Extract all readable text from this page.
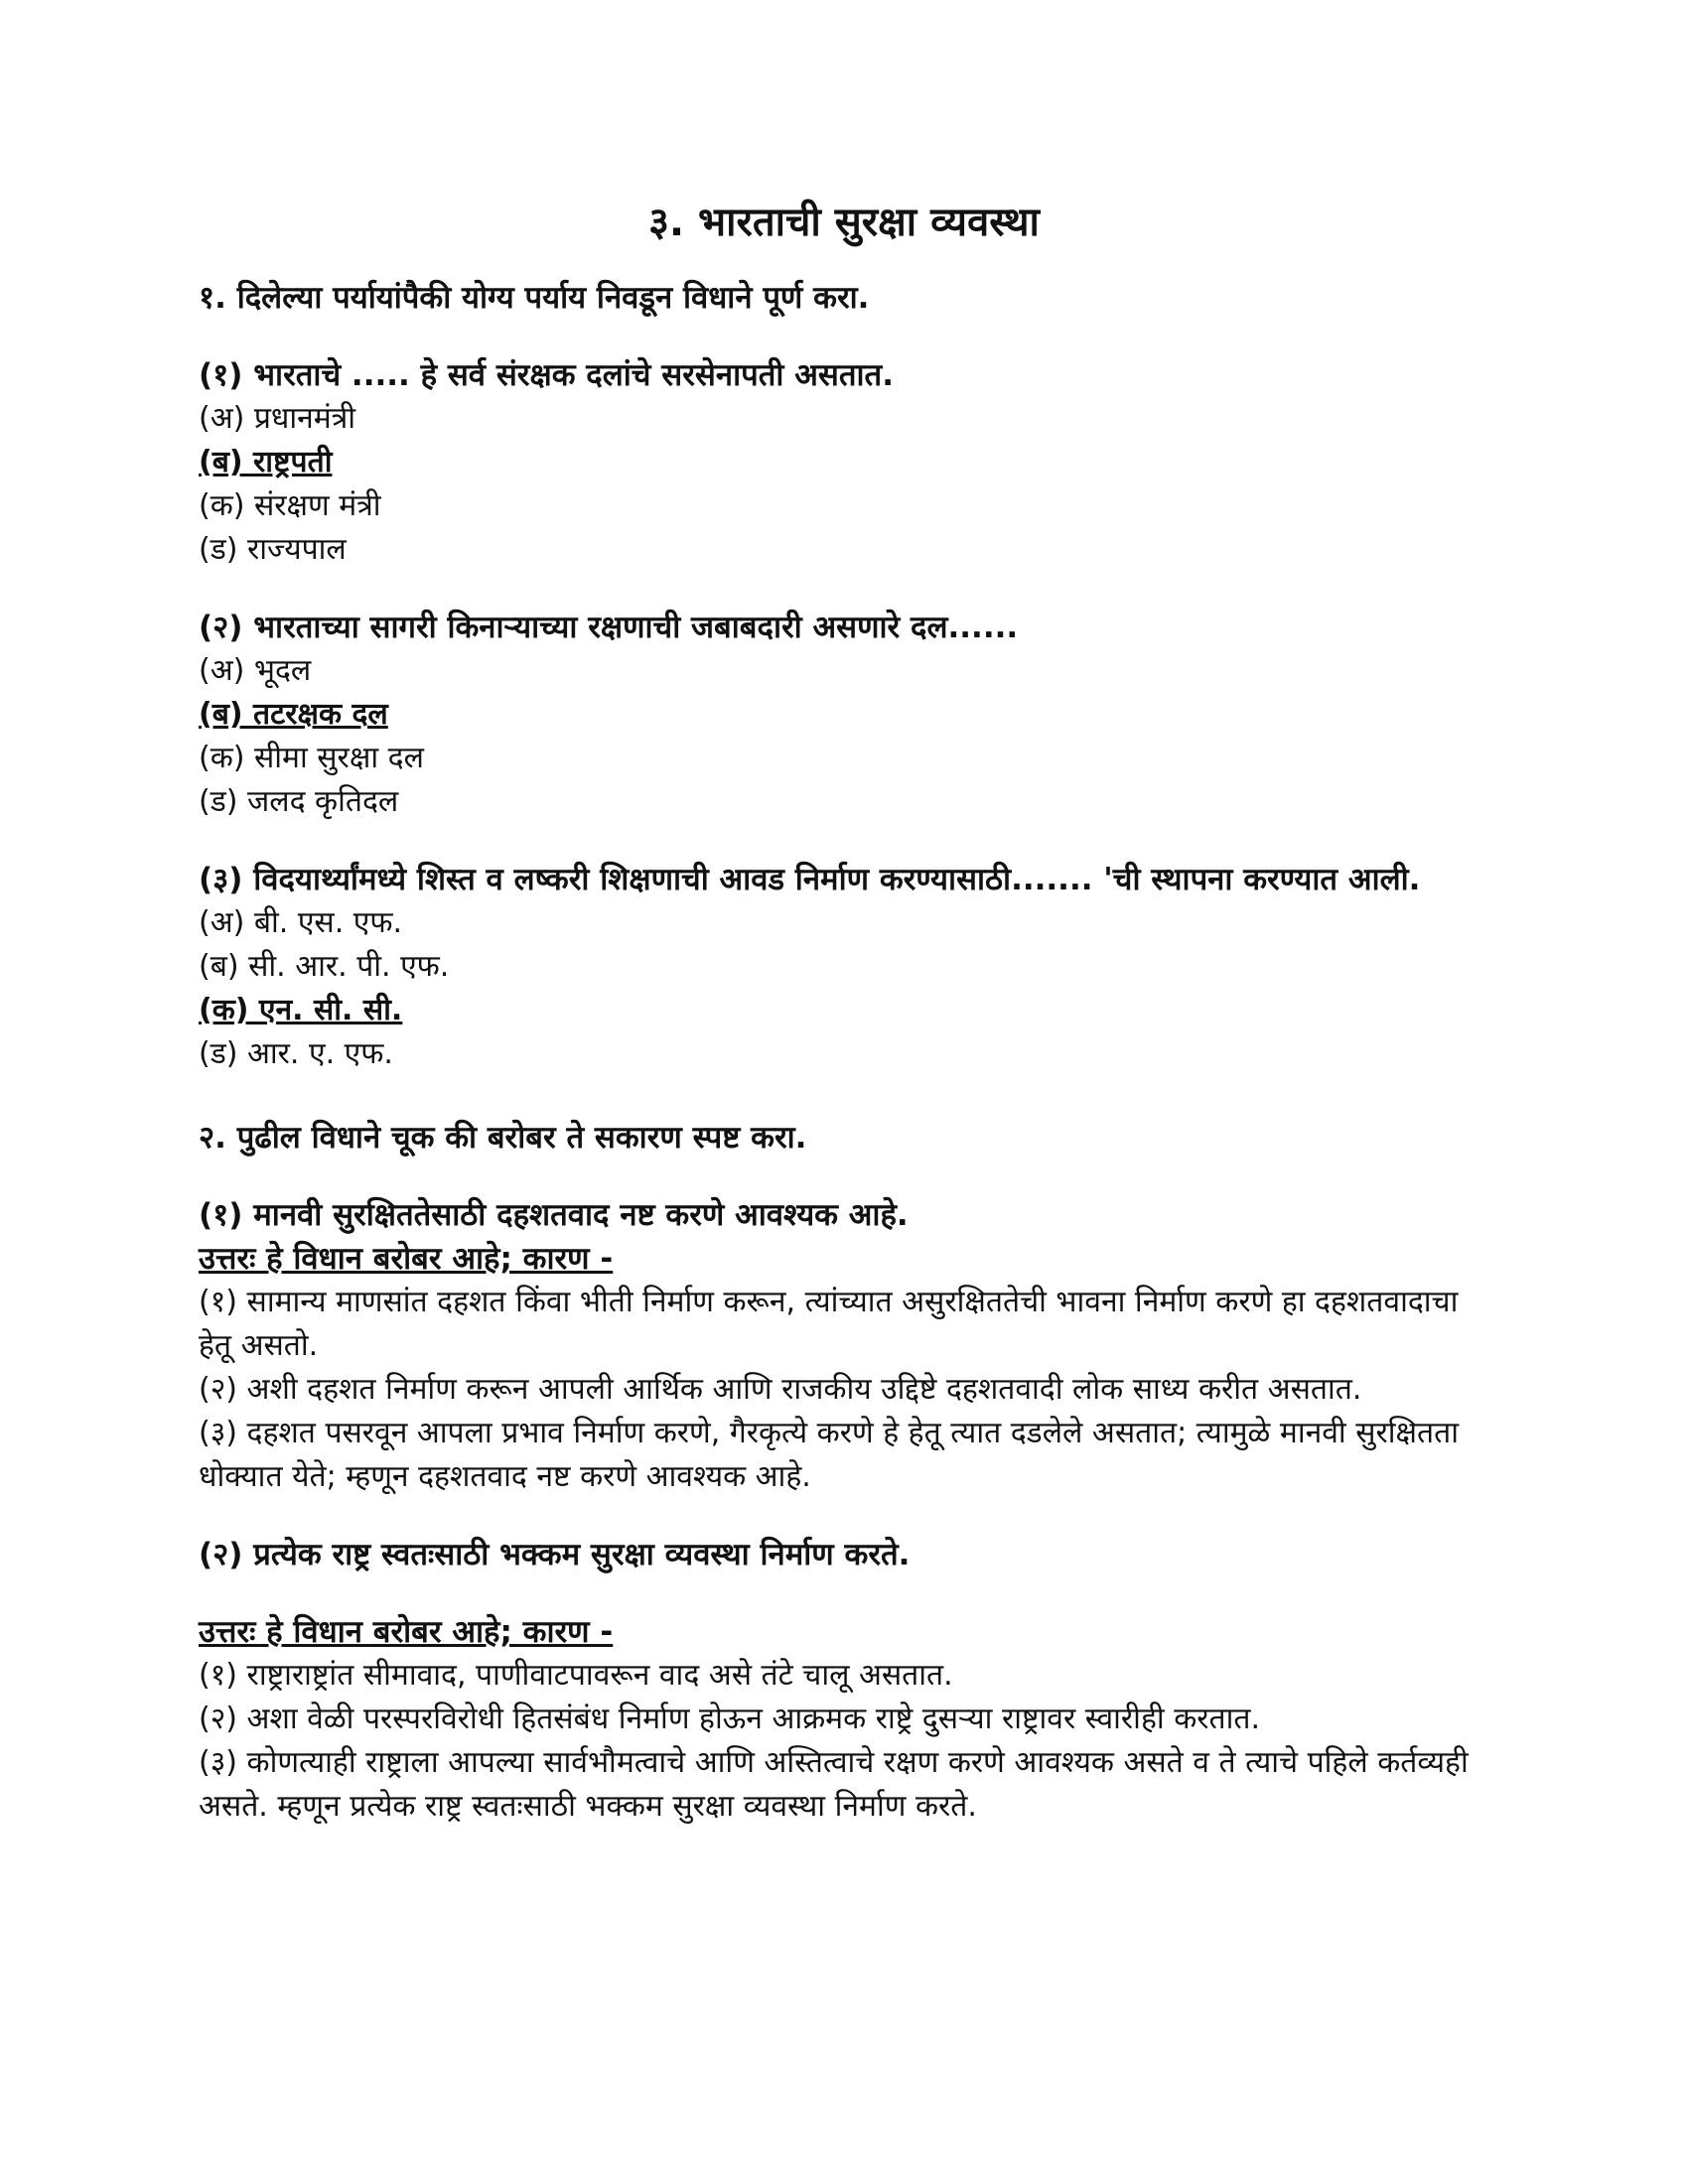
३. भारताची सुरक्षा व्यवस्था
१. दिलेल्या पर्यायांपैकी योग्य पर्याय निवडून विधाने पूर्ण करा.
(१) भारताचे ..... हे सर्व संरक्षक दलांचे सरसेनापती असतात.
(अ) प्रधानमंत्री
(ब) राष्ट्रपती
(क) संरक्षण मंत्री
(ड) राज्यपाल
(२) भारताच्या सागरी किनाऱ्याच्या रक्षणाची जबाबदारी असणारे दल......
(अ) भूदल
(ब) तटरक्षक दल
(क) सीमा सुरक्षा दल
(ड) जलद कृतिदल
(३) विदयार्थ्यांमध्ये शिस्त व लष्करी शिक्षणाची आवड निर्माण करण्यासाठी....... 'ची स्थापना करण्यात आली.
(अ) बी. एस. एफ.
(ब) सी. आर. पी. एफ.
(क) एन. सी. सी.
(ड) आर. ए. एफ.
२. पुढील विधाने चूक की बरोबर ते सकारण स्पष्ट करा.
(१) मानवी सुरक्षिततेसाठी दहशतवाद नष्ट करणे आवश्यक आहे.
उत्तरः हे विधान बरोबर आहे; कारण -
(१) सामान्य माणसांत दहशत किंवा भीती निर्माण करून, त्यांच्यात असुरक्षिततेची भावना निर्माण करणे हा दहशतवादाचा हेतू असतो.
(२) अशी दहशत निर्माण करून आपली आर्थिक आणि राजकीय उद्दिष्टे दहशतवादी लोक साध्य करीत असतात.
(३) दहशत पसरवून आपला प्रभाव निर्माण करणे, गैरकृत्ये करणे हे हेतू त्यात दडलेले असतात; त्यामुळे मानवी सुरक्षितता धोक्यात येते; म्हणून दहशतवाद नष्ट करणे आवश्यक आहे.
(२) प्रत्येक राष्ट्र स्वतःसाठी भक्कम सुरक्षा व्यवस्था निर्माण करते.
उत्तरः हे विधान बरोबर आहे; कारण -
(१) राष्ट्राराष्ट्रांत सीमावाद, पाणीवाटपावरून वाद असे तंटे चालू असतात.
(२) अशा वेळी परस्परविरोधी हितसंबंध निर्माण होऊन आक्रमक राष्ट्रे दुसऱ्या राष्ट्रावर स्वारीही करतात.
(३) कोणत्याही राष्ट्राला आपल्या सार्वभौमत्वाचे आणि अस्तित्वाचे रक्षण करणे आवश्यक असते व ते त्याचे पहिले कर्तव्यही असते. म्हणून प्रत्येक राष्ट्र स्वतःसाठी भक्कम सुरक्षा व्यवस्था निर्माण करते.
